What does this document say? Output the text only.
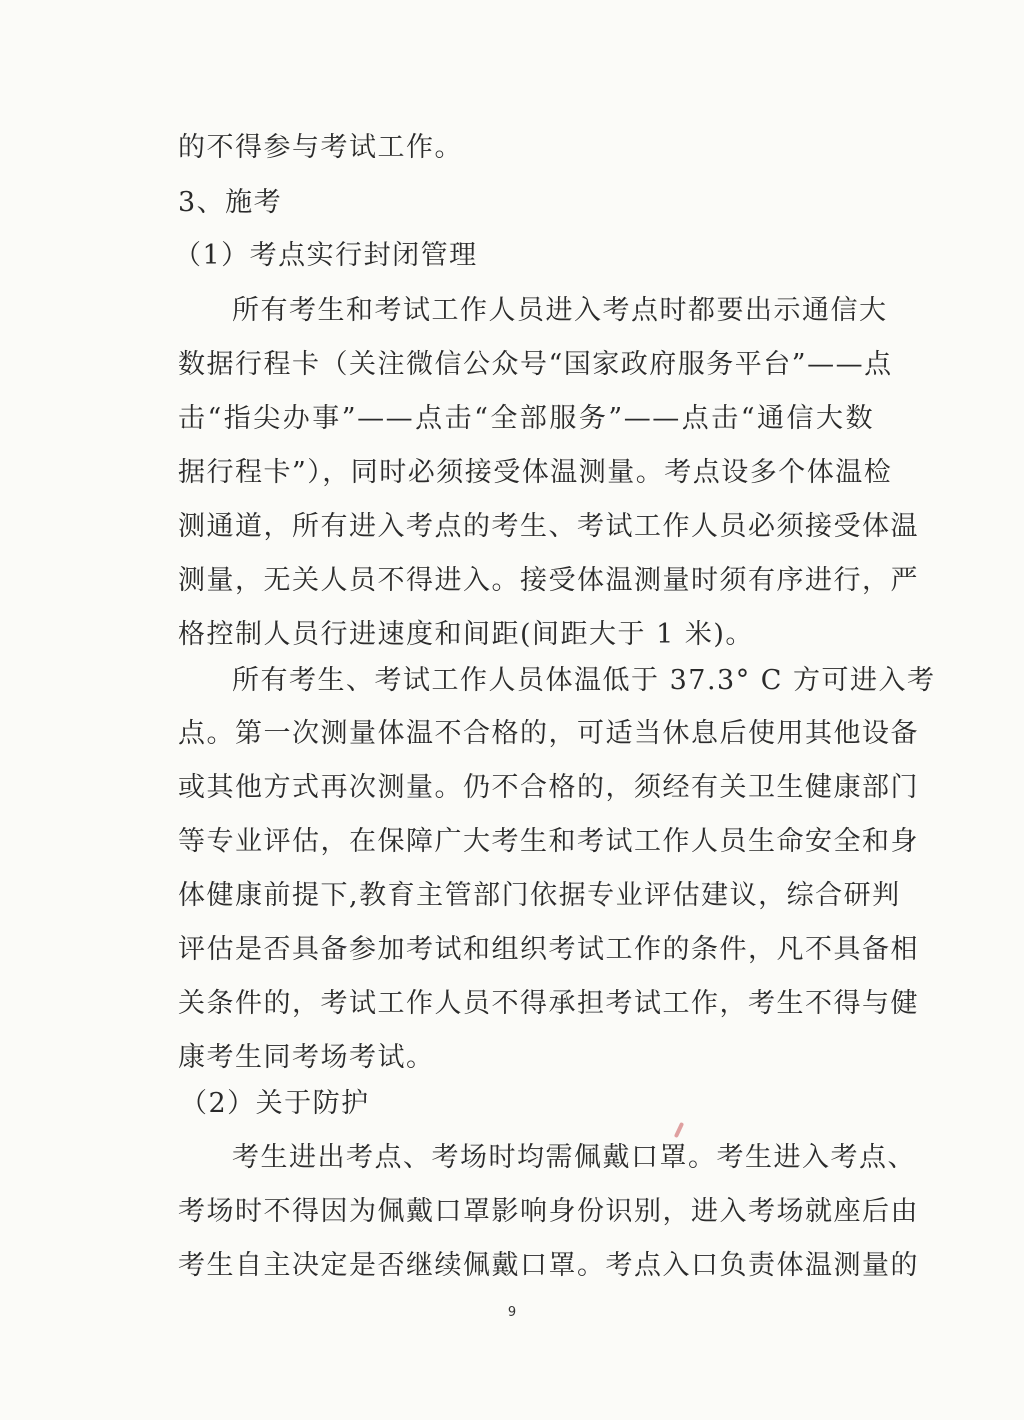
的不得参与考试工作。
3、施考
（1）考点实行封闭管理
所有考生和考试工作人员进入考点时都要出示通信大
数据行程卡（关注微信公众号“国家政府服务平台”——点
击“指尖办事”——点击“全部服务”——点击“通信大数
据行程卡”），同时必须接受体温测量。考点设多个体温检
测通道，所有进入考点的考生、考试工作人员必须接受体温
测量，无关人员不得进入。接受体温测量时须有序进行，严
格控制人员行进速度和间距(间距大于 1 米)。
所有考生、考试工作人员体温低于 37.3° C 方可进入考
点。第一次测量体温不合格的，可适当休息后使用其他设备
或其他方式再次测量。仍不合格的，须经有关卫生健康部门
等专业评估，在保障广大考生和考试工作人员生命安全和身
体健康前提下,教育主管部门依据专业评估建议，综合研判
评估是否具备参加考试和组织考试工作的条件，凡不具备相
关条件的，考试工作人员不得承担考试工作，考生不得与健
康考生同考场考试。
（2）关于防护
考生进出考点、考场时均需佩戴口罩。考生进入考点、
考场时不得因为佩戴口罩影响身份识别，进入考场就座后由
考生自主决定是否继续佩戴口罩。考点入口负责体温测量的
9
